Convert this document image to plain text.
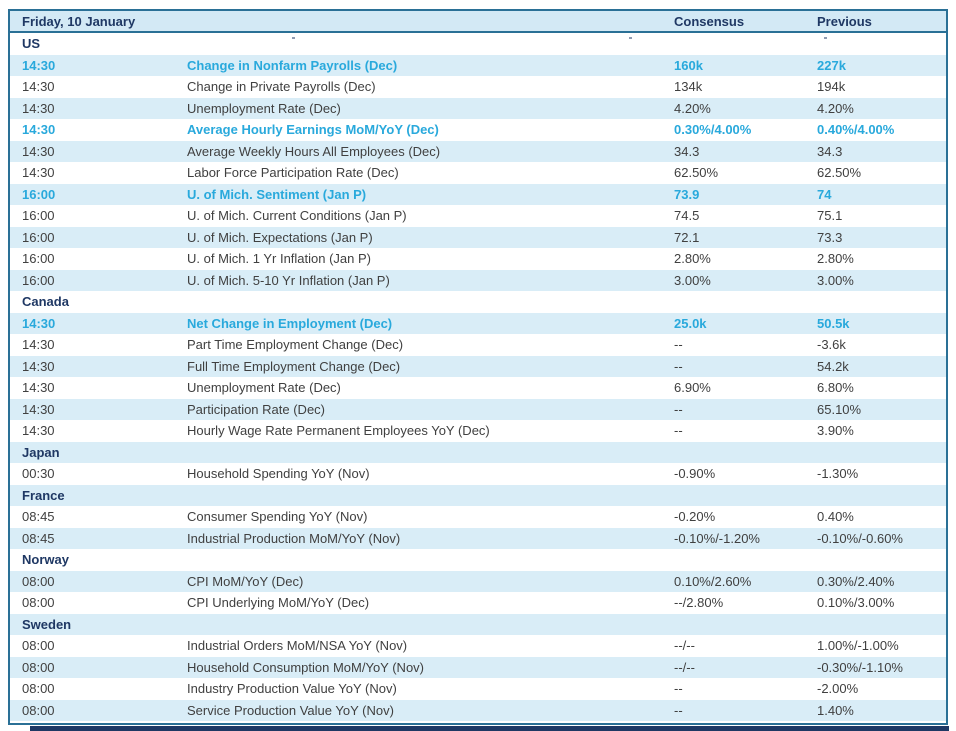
Friday, 10 January	Consensus	Previous
US
14:30	Change in Nonfarm Payrolls (Dec)	160k	227k
14:30	Change in Private Payrolls (Dec)	134k	194k
14:30	Unemployment Rate (Dec)	4.20%	4.20%
14:30	Average Hourly Earnings MoM/YoY (Dec)	0.30%/4.00%	0.40%/4.00%
14:30	Average Weekly Hours All Employees (Dec)	34.3	34.3
14:30	Labor Force Participation Rate (Dec)	62.50%	62.50%
16:00	U. of Mich. Sentiment (Jan P)	73.9	74
16:00	U. of Mich. Current Conditions (Jan P)	74.5	75.1
16:00	U. of Mich. Expectations (Jan P)	72.1	73.3
16:00	U. of Mich. 1 Yr Inflation (Jan P)	2.80%	2.80%
16:00	U. of Mich. 5-10 Yr Inflation (Jan P)	3.00%	3.00%
Canada
14:30	Net Change in Employment (Dec)	25.0k	50.5k
14:30	Part Time Employment Change (Dec)	--	-3.6k
14:30	Full Time Employment Change (Dec)	--	54.2k
14:30	Unemployment Rate (Dec)	6.90%	6.80%
14:30	Participation Rate (Dec)	--	65.10%
14:30	Hourly Wage Rate Permanent Employees YoY (Dec)	--	3.90%
Japan
00:30	Household Spending YoY (Nov)	-0.90%	-1.30%
France
08:45	Consumer Spending YoY (Nov)	-0.20%	0.40%
08:45	Industrial Production MoM/YoY (Nov)	-0.10%/-1.20%	-0.10%/-0.60%
Norway
08:00	CPI MoM/YoY (Dec)	0.10%/2.60%	0.30%/2.40%
08:00	CPI Underlying MoM/YoY (Dec)	--/2.80%	0.10%/3.00%
Sweden
08:00	Industrial Orders MoM/NSA YoY (Nov)	--/--	1.00%/-1.00%
08:00	Household Consumption MoM/YoY (Nov)	--/--	-0.30%/-1.10%
08:00	Industry Production Value YoY (Nov)	--	-2.00%
08:00	Service Production Value YoY (Nov)	--	1.40%
